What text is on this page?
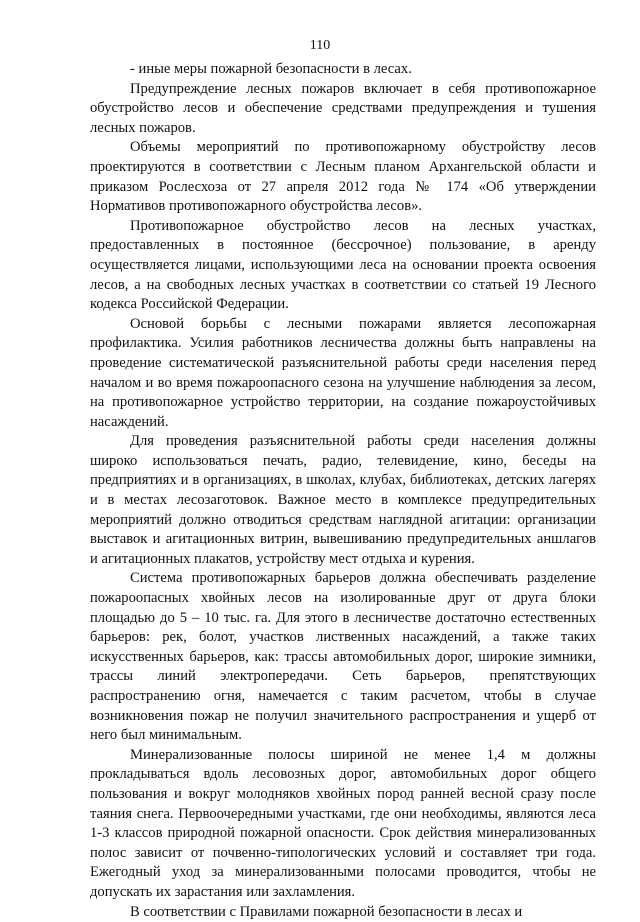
110

- иные меры пожарной безопасности в лесах.

Предупреждение лесных пожаров включает в себя противопожарное обустройство лесов и обеспечение средствами предупреждения и тушения лесных пожаров.

Объемы мероприятий по противопожарному обустройству лесов проектируются в соответствии с Лесным планом Архангельской области и приказом Рослесхоза от 27 апреля 2012 года № 174 «Об утверждении Нормативов противопожарного обустройства лесов».

Противопожарное обустройство лесов на лесных участках, предоставленных в постоянное (бессрочное) пользование, в аренду осуществляется лицами, использующими леса на основании проекта освоения лесов, а на свободных лесных участках в соответствии со статьей 19 Лесного кодекса Российской Федерации.

Основой борьбы с лесными пожарами является лесопожарная профилактика. Усилия работников лесничества должны быть направлены на проведение систематической разъяснительной работы среди населения перед началом и во время пожароопасного сезона на улучшение наблюдения за лесом, на противопожарное устройство территории, на создание пожароустойчивых насаждений.

Для проведения разъяснительной работы среди населения должны широко использоваться печать, радио, телевидение, кино, беседы на предприятиях и в организациях, в школах, клубах, библиотеках, детских лагерях и в местах лесозаготовок. Важное место в комплексе предупредительных мероприятий должно отводиться средствам наглядной агитации: организации выставок и агитационных витрин, вывешиванию предупредительных аншлагов и агитационных плакатов, устройству мест отдыха и курения.

Система противопожарных барьеров должна обеспечивать разделение пожароопасных хвойных лесов на изолированные друг от друга блоки площадью до 5 – 10 тыс. га. Для этого в лесничестве достаточно естественных барьеров: рек, болот, участков лиственных насаждений, а также таких искусственных барьеров, как: трассы автомобильных дорог, широкие зимники, трассы линий электропередачи. Сеть барьеров, препятствующих распространению огня, намечается с таким расчетом, чтобы в случае возникновения пожар не получил значительного распространения и ущерб от него был минимальным.

Минерализованные полосы шириной не менее 1,4 м должны прокладываться вдоль лесовозных дорог, автомобильных дорог общего пользования и вокруг молодняков хвойных пород ранней весной сразу после таяния снега. Первоочередными участками, где они необходимы, являются леса 1-3 классов природной пожарной опасности. Срок действия минерализованных полос зависит от почвенно-типологических условий и составляет три года. Ежегодный уход за минерализованными полосами проводится, чтобы не допускать их зарастания или захламления.

В соответствии с Правилами пожарной безопасности в лесах и
